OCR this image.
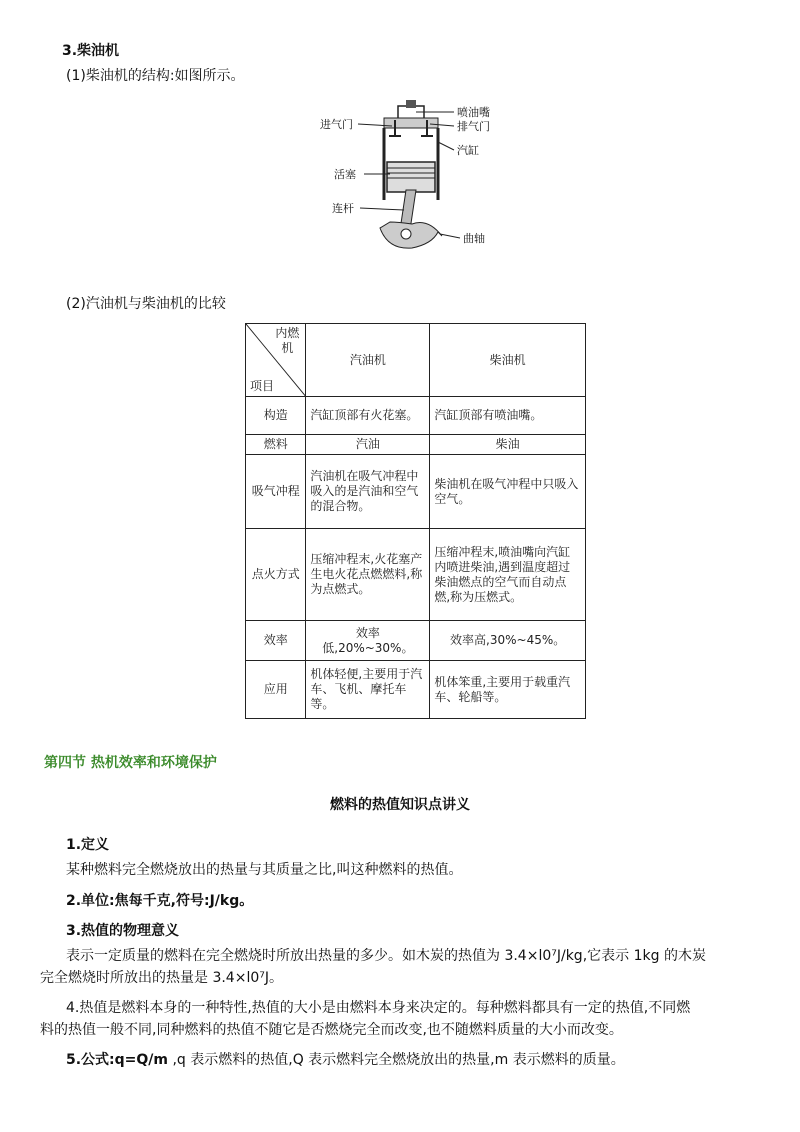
3.柴油机
(1)柴油机的结构:如图所示。
进气门
喷油嘴
排气门
汽缸
活塞
连杆
曲轴
(2)汽油机与柴油机的比较
内燃
机
项目	汽油机	柴油机
构造	汽缸顶部有火花塞。	汽缸顶部有喷油嘴。
燃料	汽油	柴油
吸气冲程	汽油机在吸气冲程中吸入的是汽油和空气的混合物。	柴油机在吸气冲程中只吸入空气。
点火方式	压缩冲程末,火花塞产生电火花点燃燃料,称为点燃式。	压缩冲程末,喷油嘴向汽缸内喷进柴油,遇到温度超过柴油燃点的空气而自动点燃,称为压燃式。
效率	效率低,20%~30%。	效率高,30%~45%。
应用	机体轻便,主要用于汽车、飞机、摩托车等。	机体笨重,主要用于载重汽车、轮船等。
第四节 热机效率和环境保护
燃料的热值知识点讲义
1.定义
某种燃料完全燃烧放出的热量与其质量之比,叫这种燃料的热值。
2.单位:焦每千克,符号:J/kg。
3.热值的物理意义
表示一定质量的燃料在完全燃烧时所放出热量的多少。如木炭的热值为 3.4×l0⁷J/kg,它表示 1kg 的木炭
完全燃烧时所放出的热量是 3.4×l0⁷J。
4.热值是燃料本身的一种特性,热值的大小是由燃料本身来决定的。每种燃料都具有一定的热值,不同燃
料的热值一般不同,同种燃料的热值不随它是否燃烧完全而改变,也不随燃料质量的大小而改变。
5.公式:q=Q/m ,q 表示燃料的热值,Q 表示燃料完全燃烧放出的热量,m 表示燃料的质量。
